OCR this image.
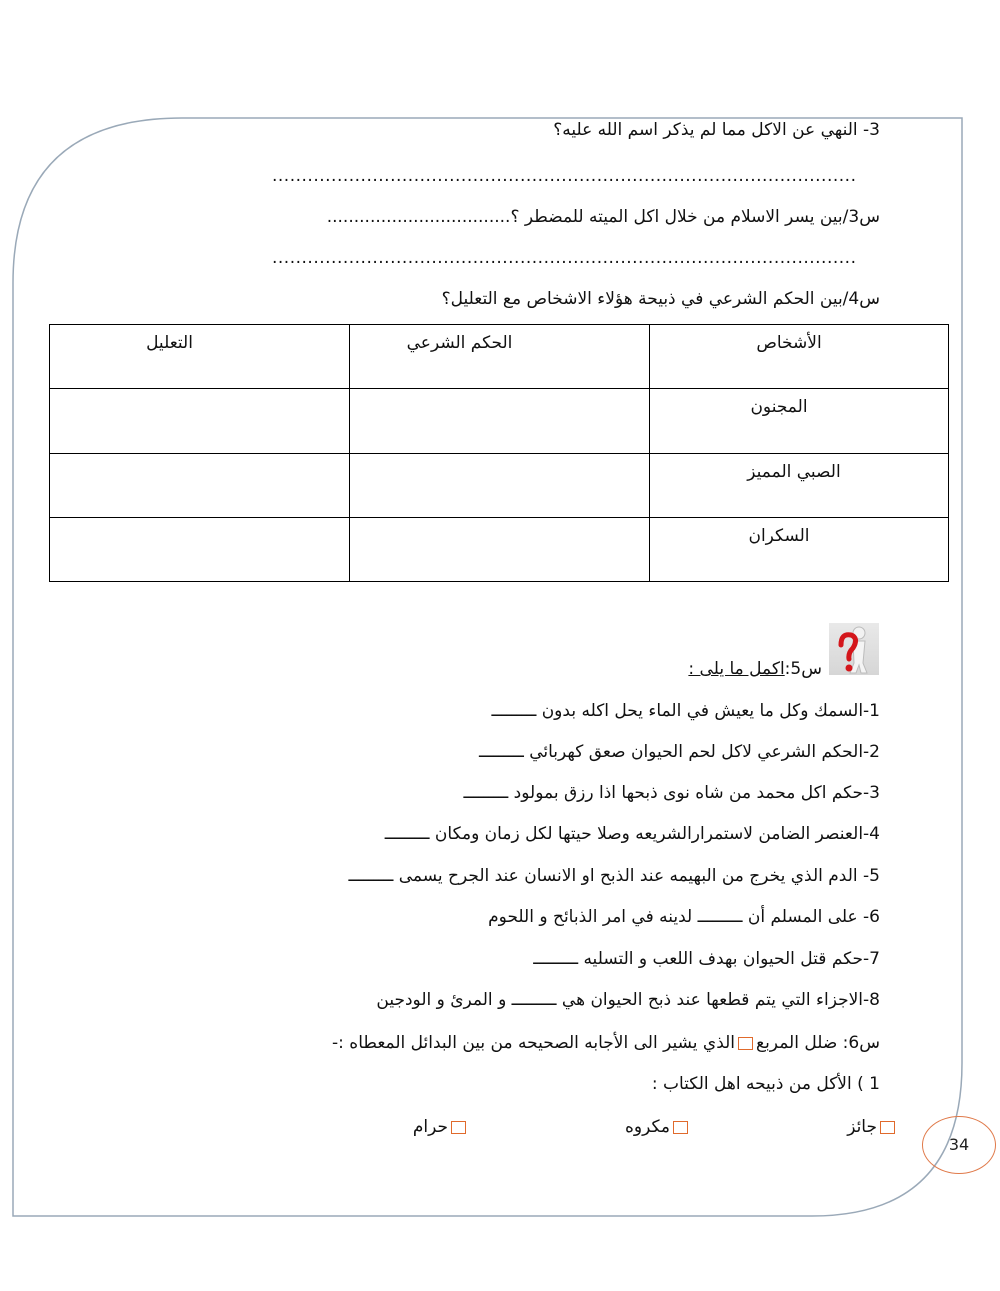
3- النهي عن الاكل مما لم يذكر اسم الله عليه؟
...................................................................................................
س3/بين يسر الاسلام من خلال اكل الميته للمضطر ؟..................................
...................................................................................................
س4/بين الحكم الشرعي في ذبيحة هؤلاء الاشخاص مع التعليل؟
الأشخاص	الحكم الشرعي	التعليل
المجنون		
الصبي المميز		
السكران		
س5:اكمل ما يلى :
1-السمك وكل ما يعيش في الماء يحل اكله بدون ـــــــــ
2-الحكم الشرعي لاكل لحم الحيوان صعق كهربائي ـــــــــ
3-حكم اكل محمد من شاه نوى ذبحها اذا رزق بمولود ـــــــــ
4-العنصر الضامن لاستمرارالشريعه وصلا حيتها لكل زمان ومكان ـــــــــ
5- الدم الذي يخرج من البهيمه عند الذبح او الانسان عند الجرح يسمى ـــــــــ
6- على المسلم أن ـــــــــ لدينه في امر الذبائح و اللحوم
7-حكم قتل الحيوان بهدف اللعب و التسليه ـــــــــ
8-الاجزاء التي يتم قطعها عند ذبح الحيوان هي ـــــــــ و المرئ و الودجين
س6: ضلل المربعالذي يشير الى الأجابه الصحيحه من بين البدائل المعطاه :-
1 ) الأكل من ذبيحه اهل الكتاب :
جائز
مكروه
حرام
34
